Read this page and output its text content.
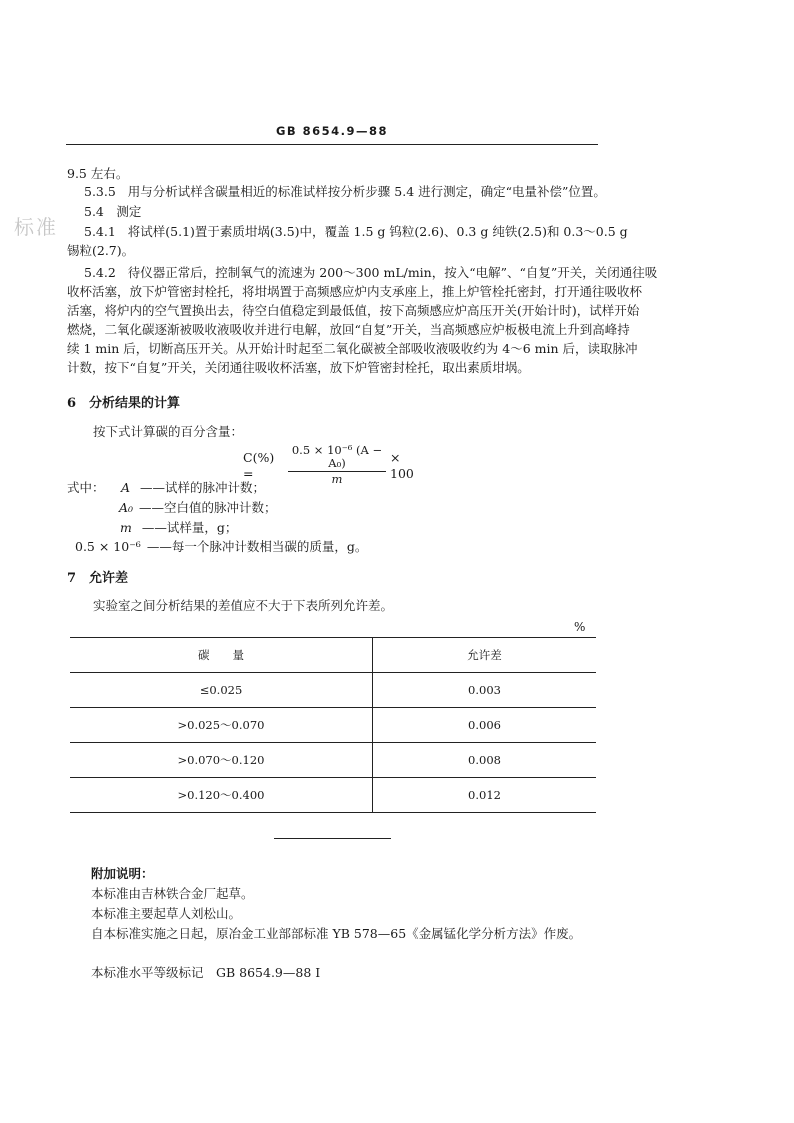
GB 8654.9—88
标准
9.5 左右。
5.3.5 用与分析试样含碳量相近的标准试样按分析步骤 5.4 进行测定，确定“电量补偿”位置。
5.4　测定
5.4.1 将试样(5.1)置于素质坩埚(3.5)中，覆盖 1.5 g 钨粒(2.6)、0.3 g 纯铁(2.5)和 0.3～0.5 g
锡粒(2.7)。
5.4.2 待仪器正常后，控制氧气的流速为 200～300 mL/min，按入“电解”、“自复”开关，关闭通往吸
收杯活塞，放下炉管密封栓托，将坩埚置于高频感应炉内支承座上，推上炉管栓托密封，打开通往吸收杯
活塞，将炉内的空气置换出去，待空白值稳定到最低值，按下高频感应炉高压开关(开始计时)，试样开始
燃烧，二氧化碳逐渐被吸收液吸收并进行电解，放回“自复”开关，当高频感应炉板极电流上升到高峰持
续 1 min 后，切断高压开关。从开始计时起至二氧化碳被全部吸收液吸收约为 4～6 min 后，读取脉冲
计数，按下“自复”开关，关闭通往吸收杯活塞，放下炉管密封栓托，取出素质坩埚。
6　分析结果的计算
按下式计算碳的百分含量：
C(%) =	$\frac{\text{0.5 × 10⁻⁶ (A − A₀)}}{m} \times 100$
式中： A ——试样的脉冲计数；
A₀ ——空白值的脉冲计数；
m ——试样量，g；
0.5 × 10⁻⁶ ——每一个脉冲计数相当碳的质量，g。
7　允许差
实验室之间分析结果的差值应不大于下表所列允许差。
%
碳　　量	允许差
≤0.025	0.003
>0.025～0.070	0.006
>0.070～0.120	0.008
>0.120～0.400	0.012
附加说明：
本标准由吉林铁合金厂起草。
本标准主要起草人刘松山。
自本标准实施之日起，原冶金工业部部标准 YB 578—65《金属锰化学分析方法》作废。
本标准水平等级标记　GB 8654.9—88 I
